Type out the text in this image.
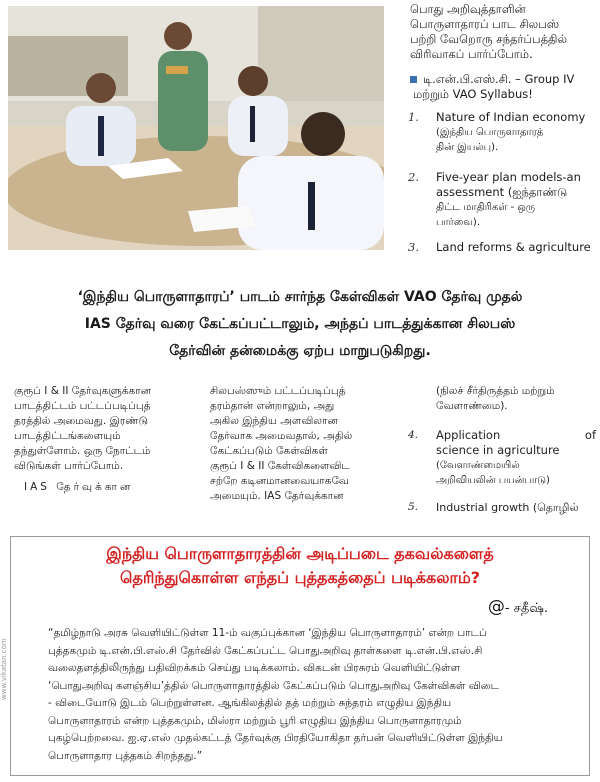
பொது அறிவுத்தாளின்
பொருளாதாரப் பாட சிலபஸ்
பற்றி வேறொரு சந்தர்ப்பத்தில்
விரிவாகப் பார்ப்போம்.
டி.என்.பி.எஸ்.சி. – Group IV
மற்றும் VAO Syllabus!
1. Nature of Indian economy
(இந்திய பொருளாதாரத்
தின் இயல்பு).
2. Five-year plan models-an
assessment (ஐந்தாண்டு
திட்ட மாதிரிகள் - ஒரு
பார்வை).
3. Land reforms & agriculture
‘இந்திய பொருளாதாரப்’ பாடம் சார்ந்த கேள்விகள் VAO தேர்வு முதல்
IAS தேர்வு வரை கேட்கப்பட்டாலும், அந்தப் பாடத்துக்கான சிலபஸ்
தேர்வின் தன்மைக்கு ஏற்ப மாறுபடுகிறது.
குரூப் I & II தேர்வுகளுக்கான
பாடத்திட்டம் பட்டப்படிப்புத்
தரத்தில் அமைவது. இரண்டு
பாடத்திட்டங்களையும்
தந்துள்ளோம். ஒரு நோட்டம்
விடுங்கள் பார்ப்போம்.
IAS தேர்வுக்கான
சிலபஸ்ஸும் பட்டப்படிப்புத்
தரம்தான் என்றாலும், அது
அகில இந்திய அளவிலான
தேர்வாக அமைவதால், அதில்
கேட்கப்படும் கேள்விகள்
குரூப் I & II கேள்விகளைவிட
சற்றே கடினமானவையாகவே
அமையும். IAS தேர்வுக்கான
(நிலச் சீர்திருத்தம் மற்றும்
வேளாண்மை).
4. Application of
science in agriculture
(வேளாண்மையில்
அறிவியலின் பயன்பாடு)
5. Industrial growth (தொழில்
இந்திய பொருளாதாரத்தின் அடிப்படை தகவல்களைத்
தெரிந்துகொள்ள எந்தப் புத்தகத்தைப் படிக்கலாம்?
@- சதீஷ்.
“தமிழ்நாடு அரசு வெளியிட்டுள்ள 11-ம் வகுப்புக்கான ‘இந்திய பொருளாதாரம்’ என்ற பாடப்
புத்தகமும் டி.என்.பி.எஸ்.சி தேர்வில் கேட்கப்பட்ட பொதுஅறிவு தாள்களை டி.என்.பி.எஸ்.சி
வலைதளத்திலிருந்து பதிவிறக்கம் செய்து படிக்கலாம். விகடன் பிரசுரம் வெளியிட்டுள்ள
‘பொதுஅறிவு களஞ்சிய’த்தில் பொருளாதாரத்தில் கேட்கப்படும் பொதுஅறிவு கேள்விகள் விடை
- விடையோடு இடம் பெற்றுள்ளன. ஆங்கிலத்தில் தத் மற்றும் சுந்தரம் எழுதிய இந்திய
பொருளாதாரம் என்ற புத்தகமும், மிஸ்ரா மற்றும் பூரி எழுதிய இந்திய பொருளாதாரமும்
புகழ்பெற்றவை. ஐ.ஏ.எஸ் முதல்கட்டத் தேர்வுக்கு பிரதியோகிதா தர்பன் வெளியிட்டுள்ள இந்திய
பொருளாதார புத்தகம் சிறந்தது.”
www.vikatan.com
